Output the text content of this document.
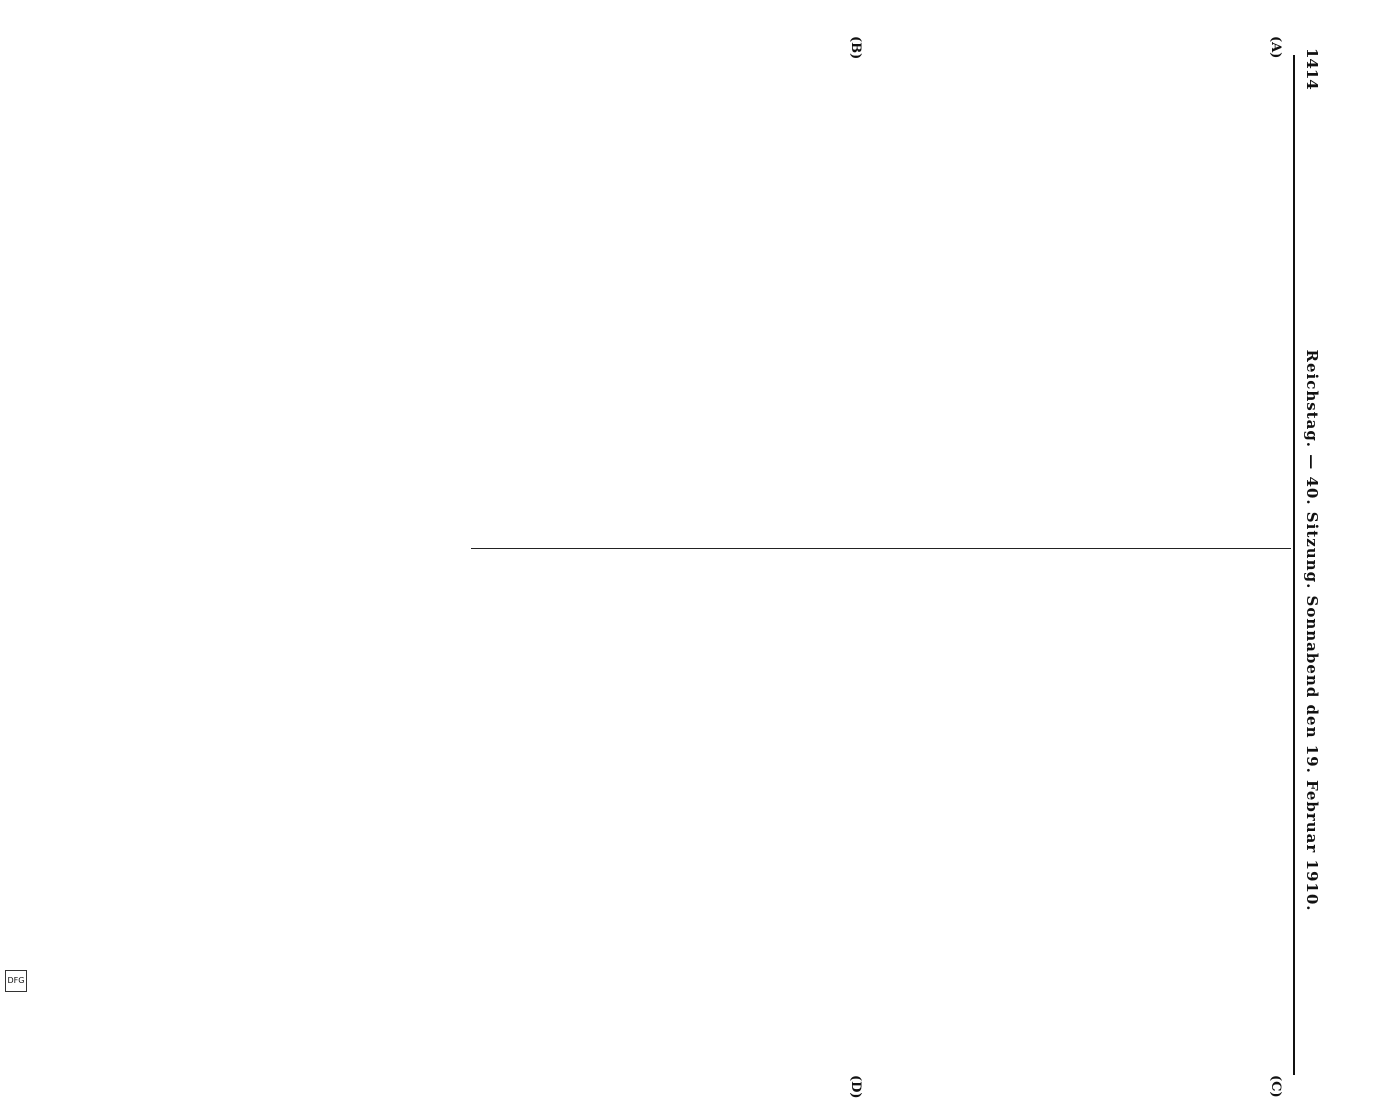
1414
Reichstag. — 40. Sitzung. Sonnabend den 19. Februar 1910.
(A)
(B)
(C)
(D)
DFG
